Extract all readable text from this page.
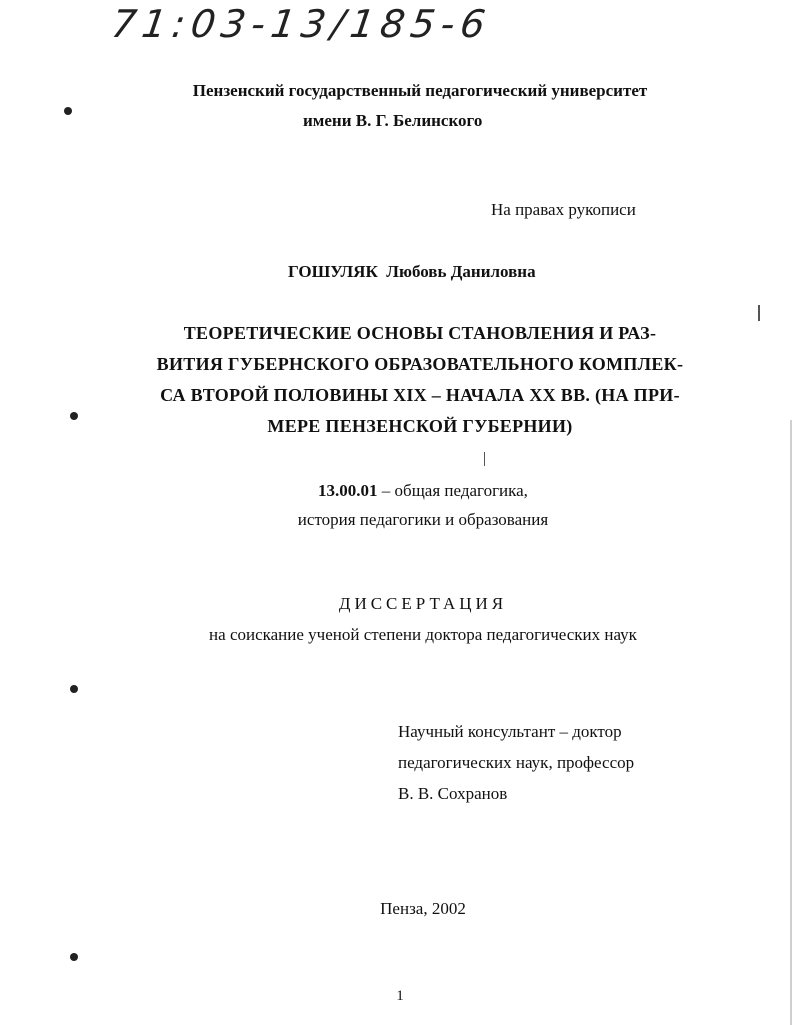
71:03-13/185-6
Пензенский государственный педагогический университет
имени В. Г. Белинского
На правах рукописи
ГОШУЛЯК Любовь Даниловна
ТЕОРЕТИЧЕСКИЕ ОСНОВЫ СТАНОВЛЕНИЯ И РАЗ-
ВИТИЯ ГУБЕРНСКОГО ОБРАЗОВАТЕЛЬНОГО КОМПЛЕК-
СА ВТОРОЙ ПОЛОВИНЫ XIX – НАЧАЛА XX ВВ. (НА ПРИ-
МЕРЕ ПЕНЗЕНСКОЙ ГУБЕРНИИ)
13.00.01 – общая педагогика,
история педагогики и образования
ДИССЕРТАЦИЯ
на соискание ученой степени доктора педагогических наук
Научный консультант – доктор
педагогических наук, профессор
В. В. Сохранов
Пенза, 2002
1
